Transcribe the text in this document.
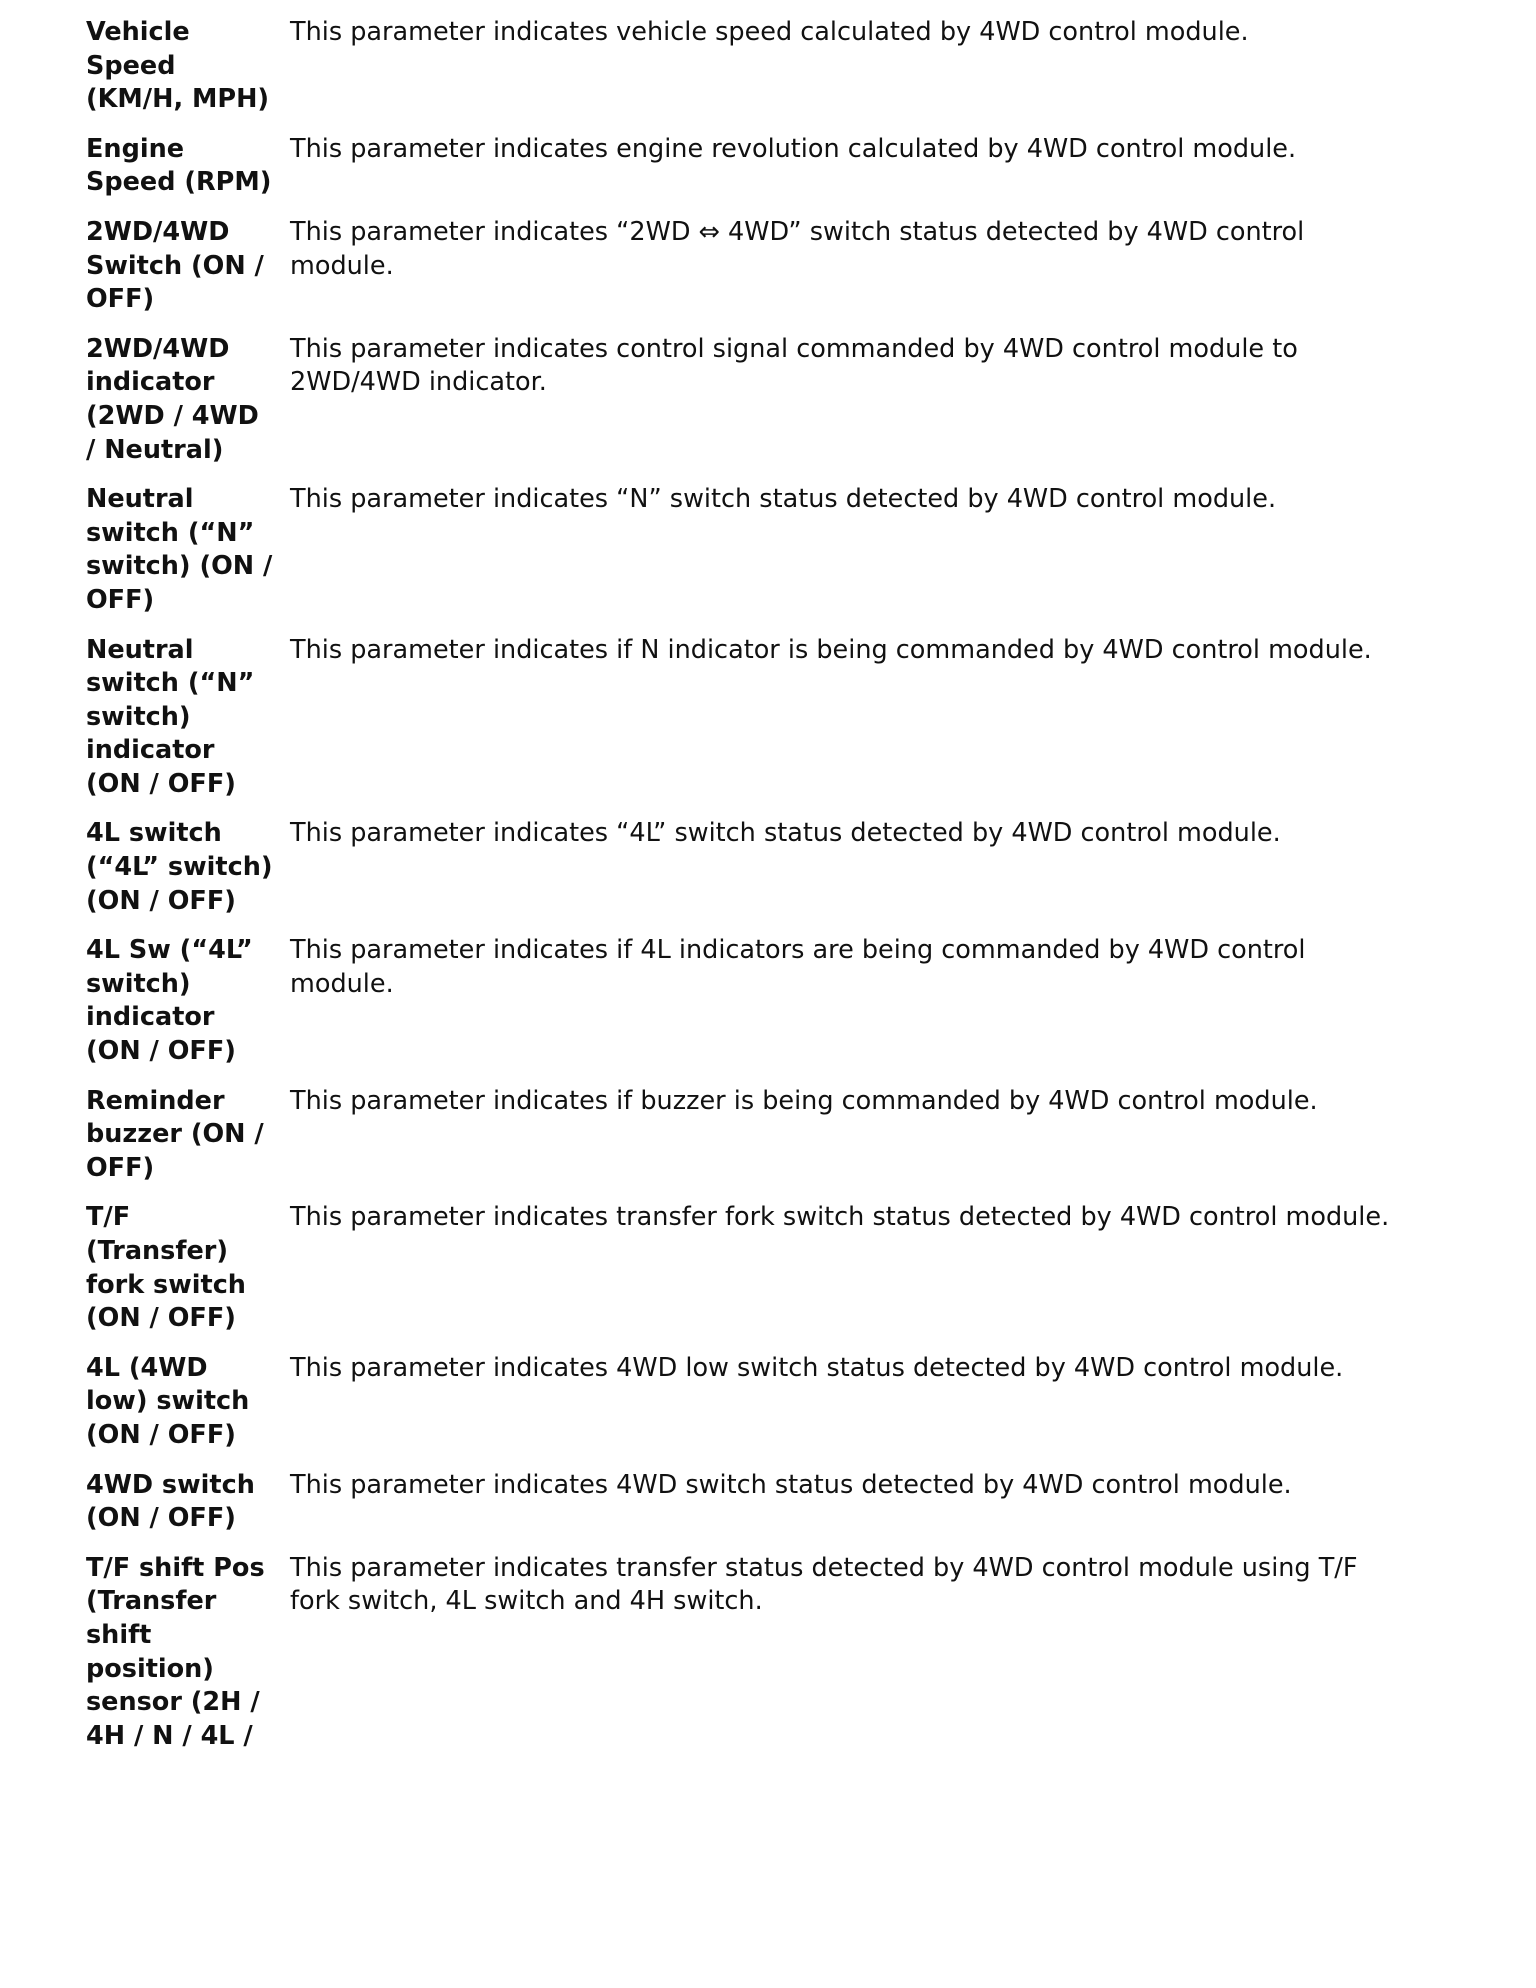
Vehicle Speed (KM/H, MPH)	This parameter indicates vehicle speed calculated by 4WD control module.
Engine Speed (RPM)	This parameter indicates engine revolution calculated by 4WD control module.
2WD/4WD Switch (ON / OFF)	This parameter indicates “2WD ⇔ 4WD” switch status detected by 4WD control module.
2WD/4WD indicator (2WD / 4WD / Neutral)	This parameter indicates control signal commanded by 4WD control module to 2WD/4WD indicator.
Neutral switch (“N” switch) (ON / OFF)	This parameter indicates “N” switch status detected by 4WD control module.
Neutral switch (“N” switch) indicator (ON / OFF)	This parameter indicates if N indicator is being commanded by 4WD control module.
4L switch (“4L” switch) (ON / OFF)	This parameter indicates “4L” switch status detected by 4WD control module.
4L Sw (“4L” switch) indicator (ON / OFF)	This parameter indicates if 4L indicators are being commanded by 4WD control module.
Reminder buzzer (ON / OFF)	This parameter indicates if buzzer is being commanded by 4WD control module.
T/F (Transfer) fork switch (ON / OFF)	This parameter indicates transfer fork switch status detected by 4WD control module.
4L (4WD low) switch (ON / OFF)	This parameter indicates 4WD low switch status detected by 4WD control module.
4WD switch (ON / OFF)	This parameter indicates 4WD switch status detected by 4WD control module.
T/F shift Pos (Transfer shift position) sensor (2H / 4H / N / 4L /	This parameter indicates transfer status detected by 4WD control module using T/F fork switch, 4L switch and 4H switch.
